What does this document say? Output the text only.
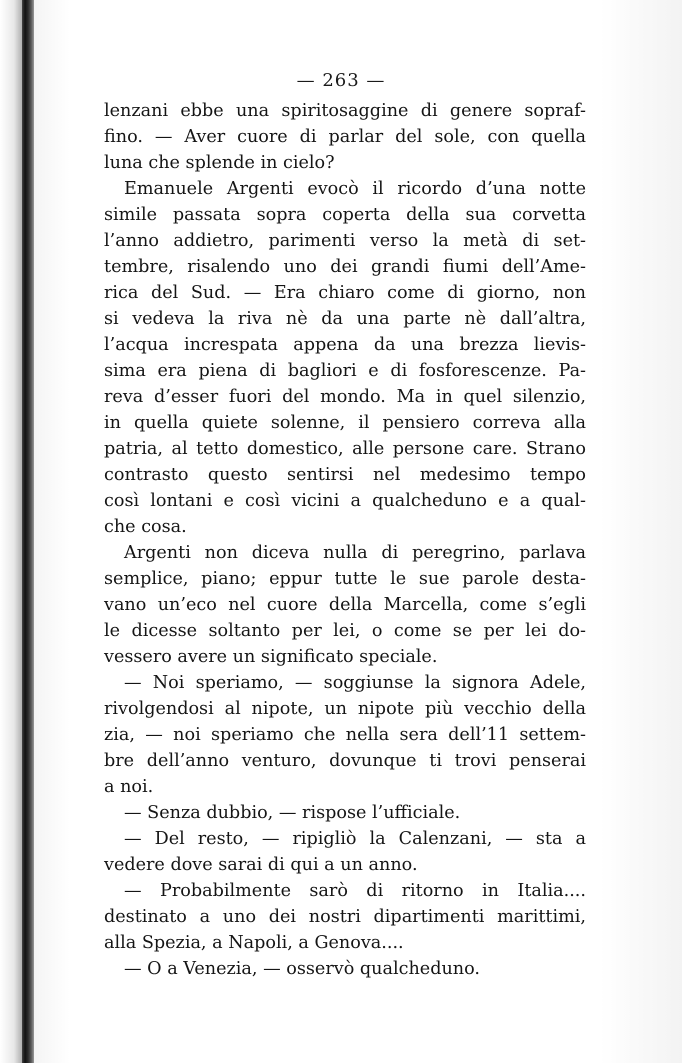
— 263 —

lenzani ebbe una spiritosaggine di genere sopraf-
fino. — Aver cuore di parlar del sole, con quella
luna che splende in cielo?
Emanuele Argenti evocò il ricordo d’una notte
simile passata sopra coperta della sua corvetta
l’anno addietro, parimenti verso la metà di set-
tembre, risalendo uno dei grandi fiumi dell’Ame-
rica del Sud. — Era chiaro come di giorno, non
si vedeva la riva nè da una parte nè dall’altra,
l’acqua increspata appena da una brezza lievis-
sima era piena di bagliori e di fosforescenze. Pa-
reva d’esser fuori del mondo. Ma in quel silenzio,
in quella quiete solenne, il pensiero correva alla
patria, al tetto domestico, alle persone care. Strano
contrasto questo sentirsi nel medesimo tempo
così lontani e così vicini a qualcheduno e a qual-
che cosa.
Argenti non diceva nulla di peregrino, parlava
semplice, piano; eppur tutte le sue parole desta-
vano un’eco nel cuore della Marcella, come s’egli
le dicesse soltanto per lei, o come se per lei do-
vessero avere un significato speciale.
— Noi speriamo, — soggiunse la signora Adele,
rivolgendosi al nipote, un nipote più vecchio della
zia, — noi speriamo che nella sera dell’11 settem-
bre dell’anno venturo, dovunque ti trovi penserai
a noi.
— Senza dubbio, — rispose l’ufficiale.
— Del resto, — ripigliò la Calenzani, — sta a
vedere dove sarai di qui a un anno.
— Probabilmente sarò di ritorno in Italia....
destinato a uno dei nostri dipartimenti marittimi,
alla Spezia, a Napoli, a Genova....
— O a Venezia, — osservò qualcheduno.
